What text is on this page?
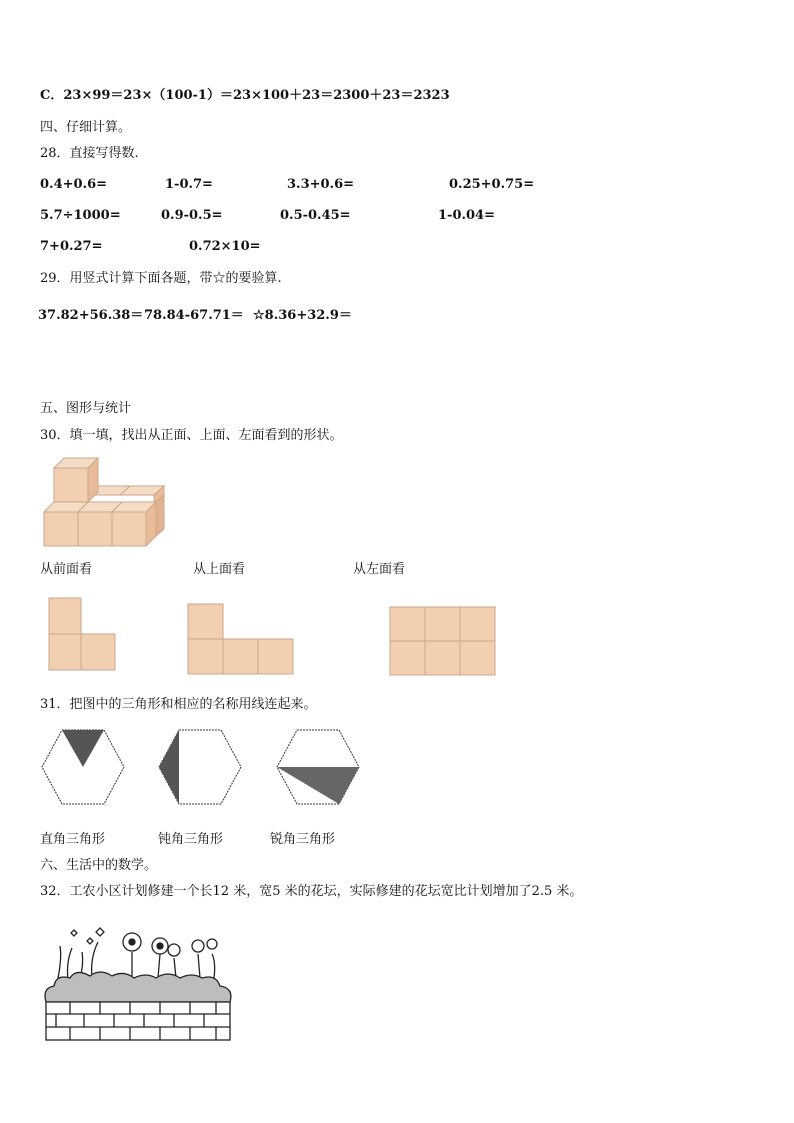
C．23×99＝23×（100-1）＝23×100＋23＝2300＋23＝2323
四、仔细计算。
28．直接写得数.
0.4+0.6=	1-0.7=	3.3+0.6=	0.25+0.75=
5.7÷1000=	0.9-0.5=	0.5-0.45=	1-0.04=
7+0.27=	0.72×10=
29．用竖式计算下面各题，带☆的要验算.
37.82+56.38＝ 78.84-67.71＝ ☆8.36+32.9＝
五、图形与统计
30．填一填，找出从正面、上面、左面看到的形状。
从前面看	从上面看	从左面看
31．把图中的三角形和相应的名称用线连起来。
直角三角形	钝角三角形	锐角三角形
六、生活中的数学。
32．工农小区计划修建一个长12 米，宽5 米的花坛，实际修建的花坛宽比计划增加了2.5 米。
